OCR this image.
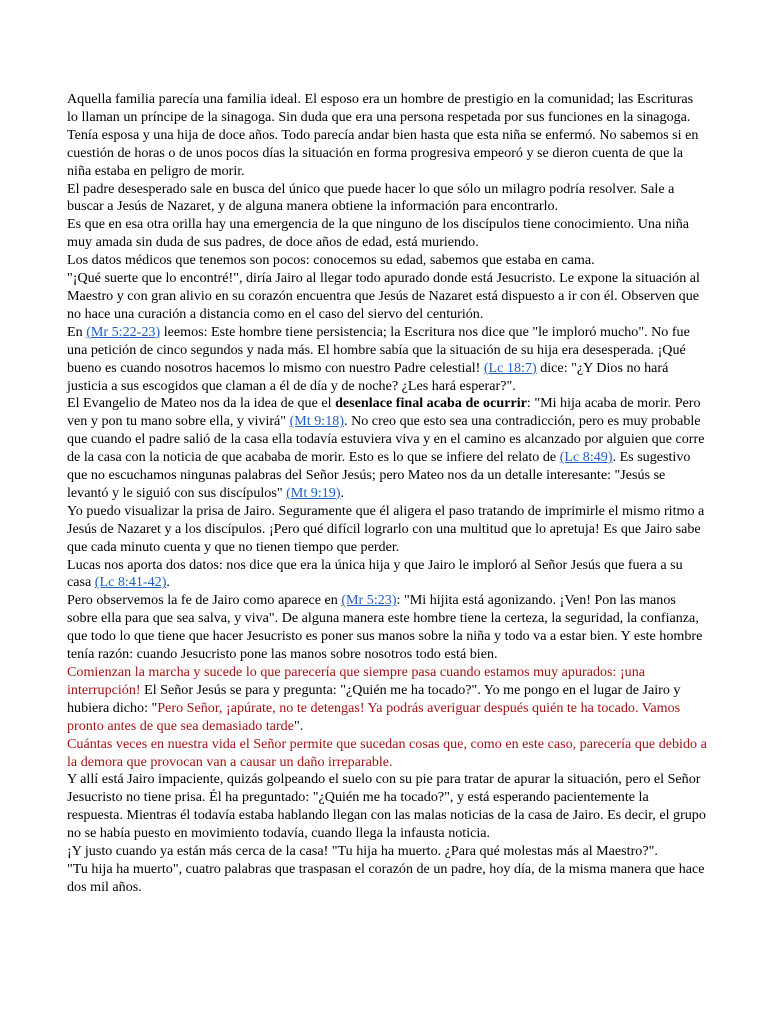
Aquella familia parecía una familia ideal. El esposo era un hombre de prestigio en la comunidad; las Escrituras lo llaman un príncipe de la sinagoga. Sin duda que era una persona respetada por sus funciones en la sinagoga. Tenía esposa y una hija de doce años. Todo parecía andar bien hasta que esta niña se enfermó. No sabemos si en cuestión de horas o de unos pocos días la situación en forma progresiva empeoró y se dieron cuenta de que la niña estaba en peligro de morir.

El padre desesperado sale en busca del único que puede hacer lo que sólo un milagro podría resolver. Sale a buscar a Jesús de Nazaret, y de alguna manera obtiene la información para encontrarlo.

Es que en esa otra orilla hay una emergencia de la que ninguno de los discípulos tiene conocimiento. Una niña muy amada sin duda de sus padres, de doce años de edad, está muriendo.

Los datos médicos que tenemos son pocos: conocemos su edad, sabemos que estaba en cama.

"¡Qué suerte que lo encontré!", diría Jairo al llegar todo apurado donde está Jesucristo. Le expone la situación al Maestro y con gran alivio en su corazón encuentra que Jesús de Nazaret está dispuesto a ir con él. Observen que no hace una curación a distancia como en el caso del siervo del centurión.

En (Mr 5:22-23) leemos: Este hombre tiene persistencia; la Escritura nos dice que "le imploró mucho". No fue una petición de cinco segundos y nada más. El hombre sabía que la situación de su hija era desesperada. ¡Qué bueno es cuando nosotros hacemos lo mismo con nuestro Padre celestial! (Lc 18:7) dice: "¿Y Dios no hará justicia a sus escogidos que claman a él de día y de noche? ¿Les hará esperar?".

El Evangelio de Mateo nos da la idea de que el desenlace final acaba de ocurrir: "Mi hija acaba de morir. Pero ven y pon tu mano sobre ella, y vivirá" (Mt 9:18). No creo que esto sea una contradicción, pero es muy probable que cuando el padre salió de la casa ella todavía estuviera viva y en el camino es alcanzado por alguien que corre de la casa con la noticia de que acababa de morir. Esto es lo que se infiere del relato de (Lc 8:49). Es sugestivo que no escuchamos ningunas palabras del Señor Jesús; pero Mateo nos da un detalle interesante: "Jesús se levantó y le siguió con sus discípulos" (Mt 9:19).

Yo puedo visualizar la prisa de Jairo. Seguramente que él aligera el paso tratando de imprimirle el mismo ritmo a Jesús de Nazaret y a los discípulos. ¡Pero qué difícil lograrlo con una multitud que lo apretuja! Es que Jairo sabe que cada minuto cuenta y que no tienen tiempo que perder.

Lucas nos aporta dos datos: nos dice que era la única hija y que Jairo le imploró al Señor Jesús que fuera a su casa (Lc 8:41-42).

Pero observemos la fe de Jairo como aparece en (Mr 5:23): "Mi hijita está agonizando. ¡Ven! Pon las manos sobre ella para que sea salva, y viva". De alguna manera este hombre tiene la certeza, la seguridad, la confianza, que todo lo que tiene que hacer Jesucristo es poner sus manos sobre la niña y todo va a estar bien. Y este hombre tenía razón: cuando Jesucristo pone las manos sobre nosotros todo está bien.

Comienzan la marcha y sucede lo que parecería que siempre pasa cuando estamos muy apurados: ¡una interrupción! El Señor Jesús se para y pregunta: "¿Quién me ha tocado?". Yo me pongo en el lugar de Jairo y hubiera dicho: "Pero Señor, ¡apúrate, no te detengas! Ya podrás averiguar después quién te ha tocado. Vamos pronto antes de que sea demasiado tarde".

Cuántas veces en nuestra vida el Señor permite que sucedan cosas que, como en este caso, parecería que debido a la demora que provocan van a causar un daño irreparable.

Y allí está Jairo impaciente, quizás golpeando el suelo con su pie para tratar de apurar la situación, pero el Señor Jesucristo no tiene prisa. Él ha preguntado: "¿Quién me ha tocado?", y está esperando pacientemente la respuesta. Mientras él todavía estaba hablando llegan con las malas noticias de la casa de Jairo. Es decir, el grupo no se había puesto en movimiento todavía, cuando llega la infausta noticia.

¡Y justo cuando ya están más cerca de la casa! "Tu hija ha muerto. ¿Para qué molestas más al Maestro?".

"Tu hija ha muerto", cuatro palabras que traspasan el corazón de un padre, hoy día, de la misma manera que hace dos mil años.
